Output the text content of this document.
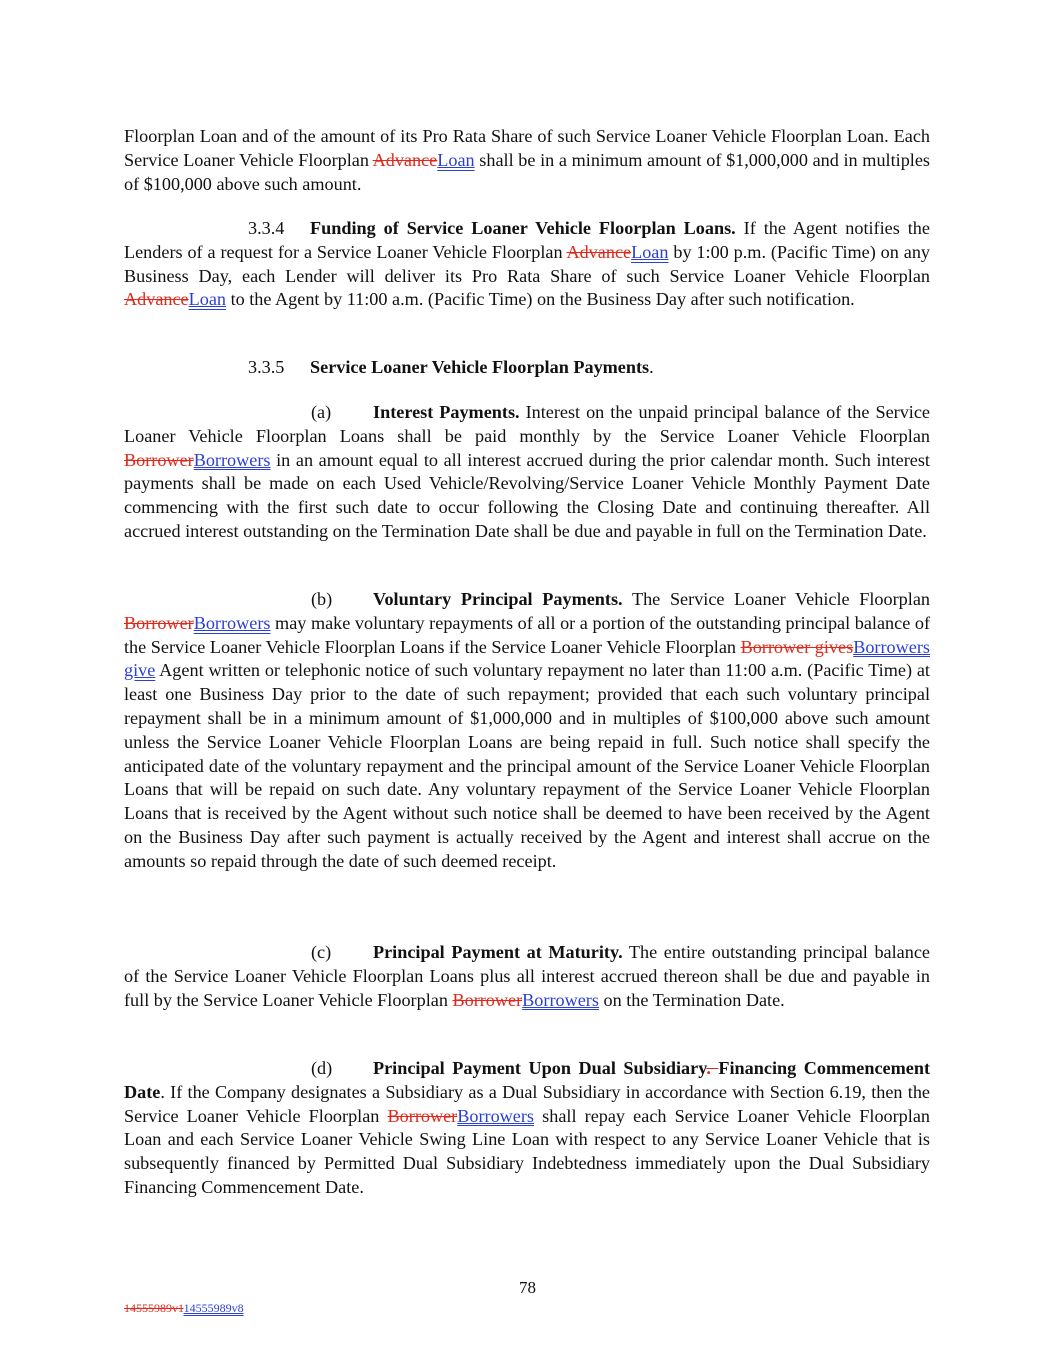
Floorplan Loan and of the amount of its Pro Rata Share of such Service Loaner Vehicle Floorplan Loan. Each Service Loaner Vehicle Floorplan AdvanceLoan shall be in a minimum amount of $1,000,000 and in multiples of $100,000 above such amount.

3.3.4 Funding of Service Loaner Vehicle Floorplan Loans. If the Agent notifies the Lenders of a request for a Service Loaner Vehicle Floorplan AdvanceLoan by 1:00 p.m. (Pacific Time) on any Business Day, each Lender will deliver its Pro Rata Share of such Service Loaner Vehicle Floorplan AdvanceLoan to the Agent by 11:00 a.m. (Pacific Time) on the Business Day after such notification.

3.3.5 Service Loaner Vehicle Floorplan Payments.

(a) Interest Payments. Interest on the unpaid principal balance of the Service Loaner Vehicle Floorplan Loans shall be paid monthly by the Service Loaner Vehicle Floorplan BorrowerBorrowers in an amount equal to all interest accrued during the prior calendar month. Such interest payments shall be made on each Used Vehicle/Revolving/Service Loaner Vehicle Monthly Payment Date commencing with the first such date to occur following the Closing Date and continuing thereafter. All accrued interest outstanding on the Termination Date shall be due and payable in full on the Termination Date.

(b) Voluntary Principal Payments. The Service Loaner Vehicle Floorplan BorrowerBorrowers may make voluntary repayments of all or a portion of the outstanding principal balance of the Service Loaner Vehicle Floorplan Loans if the Service Loaner Vehicle Floorplan Borrower givesBorrowers give Agent written or telephonic notice of such voluntary repayment no later than 11:00 a.m. (Pacific Time) at least one Business Day prior to the date of such repayment; provided that each such voluntary principal repayment shall be in a minimum amount of $1,000,000 and in multiples of $100,000 above such amount unless the Service Loaner Vehicle Floorplan Loans are being repaid in full. Such notice shall specify the anticipated date of the voluntary repayment and the principal amount of the Service Loaner Vehicle Floorplan Loans that will be repaid on such date. Any voluntary repayment of the Service Loaner Vehicle Floorplan Loans that is received by the Agent without such notice shall be deemed to have been received by the Agent on the Business Day after such payment is actually received by the Agent and interest shall accrue on the amounts so repaid through the date of such deemed receipt.

(c) Principal Payment at Maturity. The entire outstanding principal balance of the Service Loaner Vehicle Floorplan Loans plus all interest accrued thereon shall be due and payable in full by the Service Loaner Vehicle Floorplan BorrowerBorrowers on the Termination Date.

(d) Principal Payment Upon Dual Subsidiary. Financing Commencement Date. If the Company designates a Subsidiary as a Dual Subsidiary in accordance with Section 6.19, then the Service Loaner Vehicle Floorplan BorrowerBorrowers shall repay each Service Loaner Vehicle Floorplan Loan and each Service Loaner Vehicle Swing Line Loan with respect to any Service Loaner Vehicle that is subsequently financed by Permitted Dual Subsidiary Indebtedness immediately upon the Dual Subsidiary Financing Commencement Date.

78
14555989v114555989v8
